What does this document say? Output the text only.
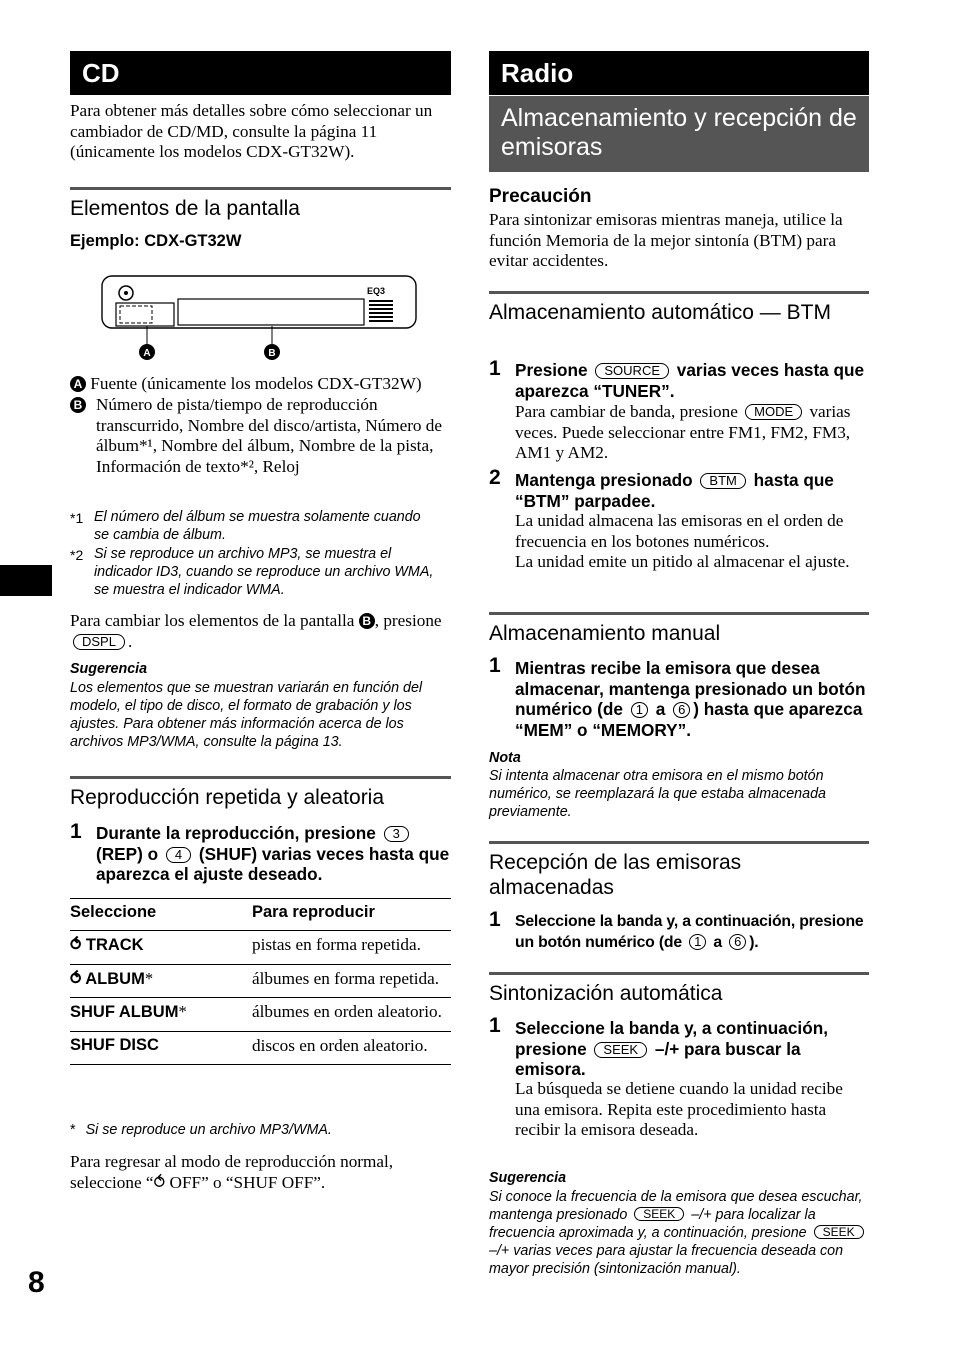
8
CD
Para obtener más detalles sobre cómo seleccionar un cambiador de CD/MD, consulte la página 11 (únicamente los modelos CDX-GT32W).
Elementos de la pantalla
Ejemplo: CDX-GT32W
EQ3
A	B
A Fuente (únicamente los modelos CDX-GT32W)
B Número de pista/tiempo de reproducción transcurrido, Nombre del disco/artista, Número de álbum*¹, Nombre del álbum, Nombre de la pista, Información de texto*², Reloj
*1 El número del álbum se muestra solamente cuando se cambia de álbum.
*2 Si se reproduce un archivo MP3, se muestra el indicador ID3, cuando se reproduce un archivo WMA, se muestra el indicador WMA.
Para cambiar los elementos de la pantalla B , presione DSPL .
Sugerencia
Los elementos que se muestran variarán en función del modelo, el tipo de disco, el formato de grabación y los ajustes. Para obtener más información acerca de los archivos MP3/WMA, consulte la página 13.
Reproducción repetida y aleatoria
1 Durante la reproducción, presione 3 (REP) o 4 (SHUF) varias veces hasta que aparezca el ajuste deseado.
Seleccione	Para reproducir
⥀ TRACK	pistas en forma repetida.
⥀ ALBUM*	álbumes en forma repetida.
SHUF ALBUM*	álbumes en orden aleatorio.
SHUF DISC	discos en orden aleatorio.
* Si se reproduce un archivo MP3/WMA.
Para regresar al modo de reproducción normal, seleccione “⥀ OFF” o “SHUF OFF”.
Radio
Almacenamiento y recepción de emisoras
Precaución
Para sintonizar emisoras mientras maneja, utilice la función Memoria de la mejor sintonía (BTM) para evitar accidentes.
Almacenamiento automático — BTM
1 Presione SOURCE varias veces hasta que aparezca “TUNER”.
Para cambiar de banda, presione MODE varias veces. Puede seleccionar entre FM1, FM2, FM3, AM1 y AM2.
2 Mantenga presionado BTM hasta que “BTM” parpadee.
La unidad almacena las emisoras en el orden de frecuencia en los botones numéricos.
La unidad emite un pitido al almacenar el ajuste.
Almacenamiento manual
1 Mientras recibe la emisora que desea almacenar, mantenga presionado un botón numérico (de 1 a 6 ) hasta que aparezca “MEM” o “MEMORY”.
Nota
Si intenta almacenar otra emisora en el mismo botón numérico, se reemplazará la que estaba almacenada previamente.
Recepción de las emisoras almacenadas
1 Seleccione la banda y, a continuación, presione un botón numérico (de 1 a 6 ).
Sintonización automática
1 Seleccione la banda y, a continuación, presione SEEK –/+ para buscar la emisora.
La búsqueda se detiene cuando la unidad recibe una emisora. Repita este procedimiento hasta recibir la emisora deseada.
Sugerencia
Si conoce la frecuencia de la emisora que desea escuchar, mantenga presionado SEEK –/+ para localizar la frecuencia aproximada y, a continuación, presione SEEK –/+ varias veces para ajustar la frecuencia deseada con mayor precisión (sintonización manual).
